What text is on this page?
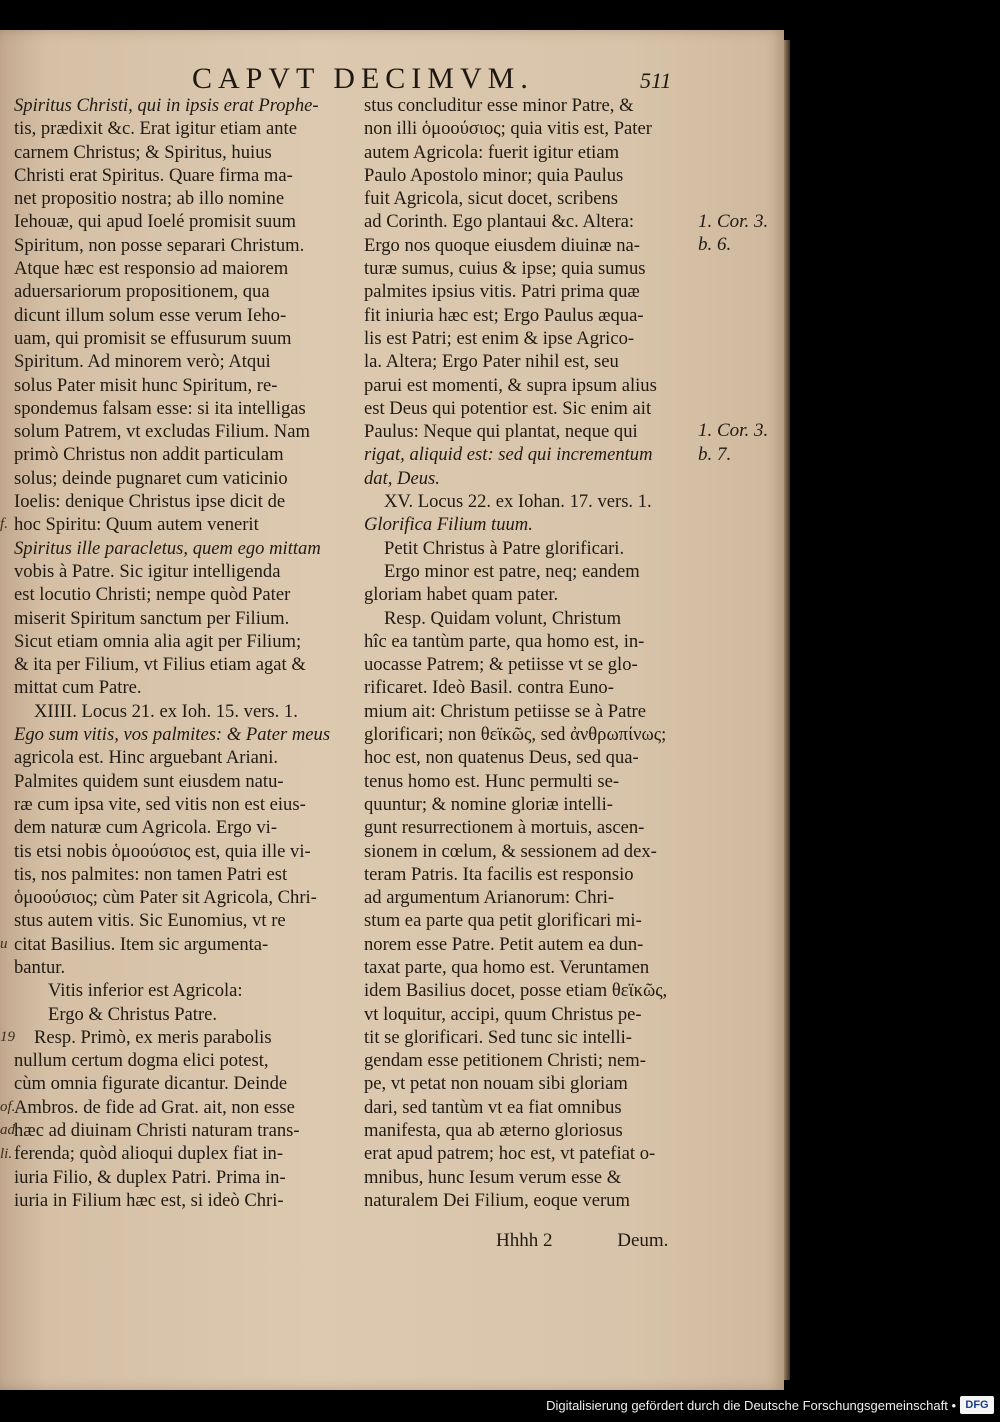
CAPVT DECIMVM.	511
Spiritus Christi, qui in ipsis erat Prophe-
tis, prædixit &c. Erat igitur etiam ante
carnem Christus; & Spiritus, huius
Christi erat Spiritus. Quare firma ma-
net propositio nostra; ab illo nomine
Iehouæ, qui apud Ioelé promisit suum
Spiritum, non posse separari Christum.
Atque hæc est responsio ad maiorem
aduersariorum propositionem, qua
dicunt illum solum esse verum Ieho-
uam, qui promisit se effusurum suum
Spiritum. Ad minorem verò; Atqui
solus Pater misit hunc Spiritum, re-
spondemus falsam esse: si ita intelligas
solum Patrem, vt excludas Filium. Nam
primò Christus non addit particulam
solus; deinde pugnaret cum vaticinio
Ioelis: denique Christus ipse dicit de
hoc Spiritu: Quum autem venerit
Spiritus ille paracletus, quem ego mittam
vobis à Patre. Sic igitur intelligenda
est locutio Christi; nempe quòd Pater
miserit Spiritum sanctum per Filium.
Sicut etiam omnia alia agit per Filium;
& ita per Filium, vt Filius etiam agat &
mittat cum Patre.
XIIII. Locus 21. ex Ioh. 15. vers. 1.
Ego sum vitis, vos palmites: & Pater meus
agricola est. Hinc arguebant Ariani.
Palmites quidem sunt eiusdem natu-
ræ cum ipsa vite, sed vitis non est eius-
dem naturæ cum Agricola. Ergo vi-
tis etsi nobis ὁμοούσιος est, quia ille vi-
tis, nos palmites: non tamen Patri est
ὁμοούσιος; cùm Pater sit Agricola, Chri-
stus autem vitis. Sic Eunomius, vt re
citat Basilius. Item sic argumenta-
bantur.
Vitis inferior est Agricola:
Ergo & Christus Patre.
Resp. Primò, ex meris parabolis
nullum certum dogma elici potest,
cùm omnia figurate dicantur. Deinde
Ambros. de fide ad Grat. ait, non esse
hæc ad diuinam Christi naturam trans-
ferenda; quòd alioqui duplex fiat in-
iuria Filio, & duplex Patri. Prima in-
iuria in Filium hæc est, si ideò Chri-
stus concluditur esse minor Patre, &
non illi ὁμοούσιος; quia vitis est, Pater
autem Agricola: fuerit igitur etiam
Paulo Apostolo minor; quia Paulus
fuit Agricola, sicut docet, scribens
ad Corinth. Ego plantaui &c. Altera:
Ergo nos quoque eiusdem diuinæ na-
turæ sumus, cuius & ipse; quia sumus
palmites ipsius vitis. Patri prima quæ
fit iniuria hæc est; Ergo Paulus æqua-
lis est Patri; est enim & ipse Agrico-
la. Altera; Ergo Pater nihil est, seu
parui est momenti, & supra ipsum alius
est Deus qui potentior est. Sic enim ait
Paulus: Neque qui plantat, neque qui
rigat, aliquid est: sed qui incrementum
dat, Deus.
XV. Locus 22. ex Iohan. 17. vers. 1.
Glorifica Filium tuum.
Petit Christus à Patre glorificari.
Ergo minor est patre, neq; eandem
gloriam habet quam pater.
Resp. Quidam volunt, Christum
hîc ea tantùm parte, qua homo est, in-
uocasse Patrem; & petiisse vt se glo-
rificaret. Ideò Basil. contra Euno-
mium ait: Christum petiisse se à Patre
glorificari; non θεϊκῶς, sed ἀνθρωπίνως;
hoc est, non quatenus Deus, sed qua-
tenus homo est. Hunc permulti se-
quuntur; & nomine gloriæ intelli-
gunt resurrectionem à mortuis, ascen-
sionem in cœlum, & sessionem ad dex-
teram Patris. Ita facilis est responsio
ad argumentum Arianorum: Chri-
stum ea parte qua petit glorificari mi-
norem esse Patre. Petit autem ea dun-
taxat parte, qua homo est. Veruntamen
idem Basilius docet, posse etiam θεϊκῶς,
vt loquitur, accipi, quum Christus pe-
tit se glorificari. Sed tunc sic intelli-
gendam esse petitionem Christi; nem-
pe, vt petat non nouam sibi gloriam
dari, sed tantùm vt ea fiat omnibus
manifesta, qua ab æterno gloriosus
erat apud patrem; hoc est, vt patefiat o-
mnibus, hunc Iesum verum esse &
naturalem Dei Filium, eoque verum
1. Cor. 3.
b. 6.
1. Cor. 3.
b. 7.
f.
u
19
of.
ad
li.
Hhhh 2	Deum.
Digitalisierung gefördert durch die Deutsche Forschungsgemeinschaft • DFG
